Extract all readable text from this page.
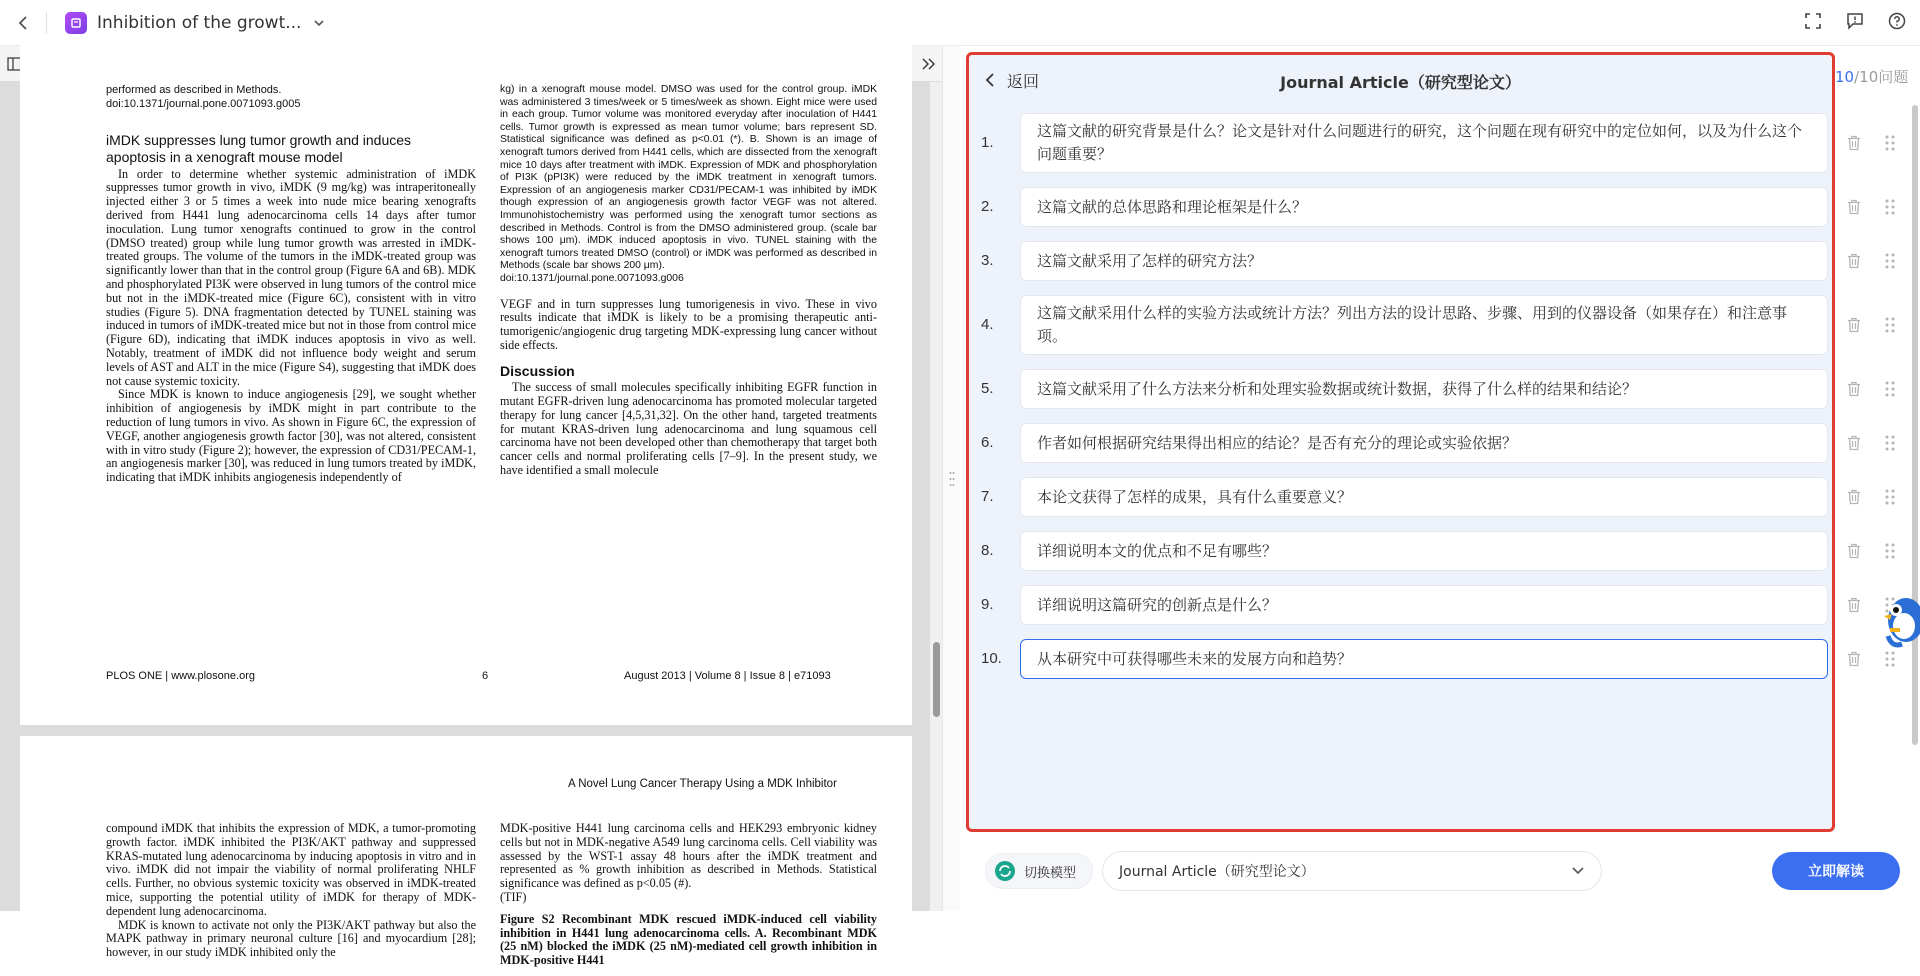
Inhibition of the growt...

performed as described in Methods.

doi:10.1371/journal.pone.0071093.g005

iMDK suppresses lung tumor growth and induces

apoptosis in a xenograft mouse model

In order to determine whether systemic administration of iMDK suppresses tumor growth in vivo, iMDK (9 mg/kg) was intraperitoneally injected either 3 or 5 times a week into nude mice bearing xenografts derived from H441 lung adenocarcinoma cells 14 days after tumor inoculation. Lung tumor xenografts continued to grow in the control (DMSO treated) group while lung tumor growth was arrested in iMDK-treated groups. The volume of the tumors in the iMDK-treated group was significantly lower than that in the control group (Figure 6A and 6B). MDK and phosphorylated PI3K were observed in lung tumors of the control mice but not in the iMDK-treated mice (Figure 6C), consistent with in vitro studies (Figure 5). DNA fragmentation detected by TUNEL staining was induced in tumors of iMDK-treated mice but not in those from control mice (Figure 6D), indicating that iMDK induces apoptosis in vivo as well. Notably, treatment of iMDK did not influence body weight and serum levels of AST and ALT in the mice (Figure S4), suggesting that iMDK does not cause systemic toxicity.

Since MDK is known to induce angiogenesis [29], we sought whether inhibition of angiogenesis by iMDK might in part contribute to the reduction of lung tumors in vivo. As shown in Figure 6C, the expression of VEGF, another angiogenesis growth factor [30], was not altered, consistent with in vitro study (Figure 2); however, the expression of CD31/PECAM-1, an angiogenesis marker [30], was reduced in lung tumors treated by iMDK, indicating that iMDK inhibits angiogenesis independently of

kg) in a xenograft mouse model. DMSO was used for the control group. iMDK was administered 3 times/week or 5 times/week as shown. Eight mice were used in each group. Tumor volume was monitored everyday after inoculation of H441 cells. Tumor growth is expressed as mean tumor volume; bars represent SD. Statistical significance was defined as p<0.01 (*). B. Shown is an image of xenograft tumors derived from H441 cells, which are dissected from the xenograft mice 10 days after treatment with iMDK. Expression of MDK and phosphorylation of PI3K (pPI3K) were reduced by the iMDK treatment in xenograft tumors. Expression of an angiogenesis marker CD31/PECAM-1 was inhibited by iMDK though expression of an angiogenesis growth factor VEGF was not altered. Immunohistochemistry was performed using the xenograft tumor sections as described in Methods. Control is from the DMSO administered group. (scale bar shows 100 μm). iMDK induced apoptosis in vivo. TUNEL staining with the xenograft tumors treated DMSO (control) or iMDK was performed as described in Methods (scale bar shows 200 μm).

doi:10.1371/journal.pone.0071093.g006

VEGF and in turn suppresses lung tumorigenesis in vivo. These in vivo results indicate that iMDK is likely to be a promising therapeutic anti-tumorigenic/angiogenic drug targeting MDK-expressing lung cancer without side effects.

Discussion

The success of small molecules specifically inhibiting EGFR function in mutant EGFR-driven lung adenocarcinoma has promoted molecular targeted therapy for lung cancer [4,5,31,32]. On the other hand, targeted treatments for mutant KRAS-driven lung adenocarcinoma and lung squamous cell carcinoma have not been developed other than chemotherapy that target both cancer cells and normal proliferating cells [7–9]. In the present study, we have identified a small molecule

PLOS ONE | www.plosone.org	6	August 2013 | Volume 8 | Issue 8 | e71093
A Novel Lung Cancer Therapy Using a MDK Inhibitor

compound iMDK that inhibits the expression of MDK, a tumor-promoting growth factor. iMDK inhibited the PI3K/AKT pathway and suppressed KRAS-mutated lung adenocarcinoma by inducing apoptosis in vitro and in vivo. iMDK did not impair the viability of normal proliferating NHLF cells. Further, no obvious systemic toxicity was observed in iMDK-treated mice, supporting the potential utility of iMDK for therapy of MDK-dependent lung adenocarcinoma.

MDK is known to activate not only the PI3K/AKT pathway but also the MAPK pathway in primary neuronal culture [16] and myocardium [28]; however, in our study iMDK inhibited only the

MDK-positive H441 lung carcinoma cells and HEK293 embryonic kidney cells but not in MDK-negative A549 lung carcinoma cells. Cell viability was assessed by the WST-1 assay 48 hours after the iMDK treatment and represented as % growth inhibition as described in Methods. Statistical significance was defined as p<0.05 (#).

(TIF)

Figure S2 Recombinant MDK rescued iMDK-induced cell viability inhibition in H441 lung adenocarcinoma cells. A. Recombinant MDK (25 nM) blocked the iMDK (25 nM)-mediated cell growth inhibition in MDK-positive H441

返回	Journal Article（研究型论文）
1.
这篇文献的研究背景是什么？论文是针对什么问题进行的研究，这个问题在现有研究中的定位如何，以及为什么这个问题重要？
2.	这篇文献的总体思路和理论框架是什么？
3.	这篇文献采用了怎样的研究方法？
4.
这篇文献采用什么样的实验方法或统计方法？列出方法的设计思路、步骤、用到的仪器设备（如果存在）和注意事项。
5.	这篇文献采用了什么方法来分析和处理实验数据或统计数据，获得了什么样的结果和结论？
6.	作者如何根据研究结果得出相应的结论？是否有充分的理论或实验依据？
7.	本论文获得了怎样的成果，具有什么重要意义？
8.	详细说明本文的优点和不足有哪些？
9.	详细说明这篇研究的创新点是什么？
10.	从本研究中可获得哪些未来的发展方向和趋势？
10/10问题
切换模型	Journal Article（研究型论文）	立即解读
